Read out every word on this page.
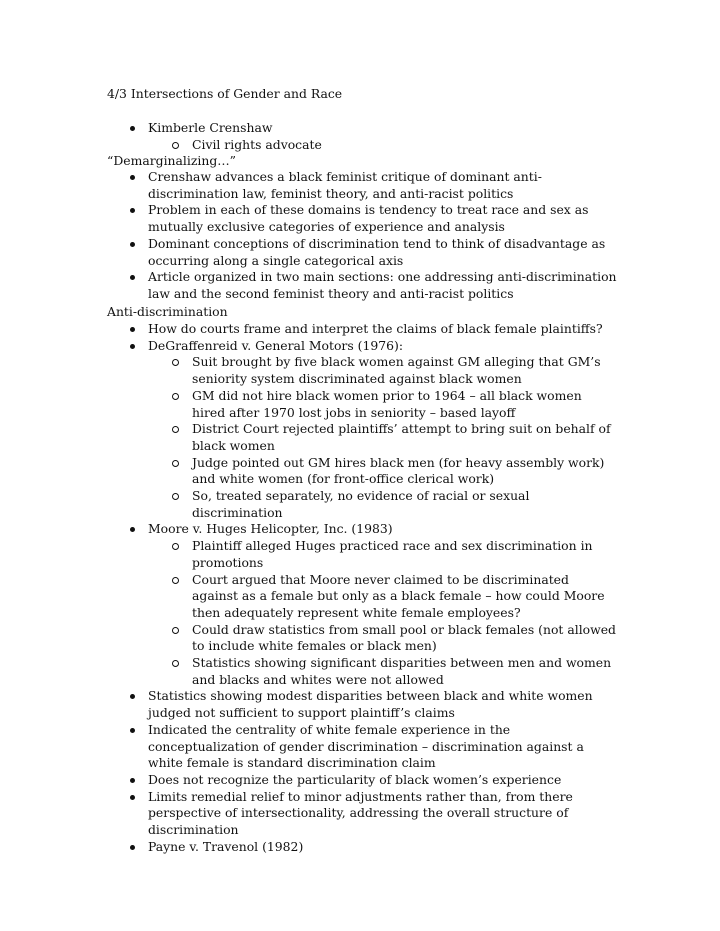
4/3 Intersections of Gender and Race
Kimberle Crenshaw
Civil rights advocate
“Demarginalizing…”
Crenshaw advances a black feminist critique of dominant anti-discrimination law, feminist theory, and anti-racist politics
Problem in each of these domains is tendency to treat race and sex as mutually exclusive categories of experience and analysis
Dominant conceptions of discrimination tend to think of disadvantage as occurring along a single categorical axis
Article organized in two main sections: one addressing anti-discrimination law and the second feminist theory and anti-racist politics
Anti-discrimination
How do courts frame and interpret the claims of black female plaintiffs?
DeGraffenreid v. General Motors (1976):
Suit brought by five black women against GM alleging that GM’s seniority system discriminated against black women
GM did not hire black women prior to 1964 – all black women hired after 1970 lost jobs in seniority – based layoff
District Court rejected plaintiffs’ attempt to bring suit on behalf of black women
Judge pointed out GM hires black men (for heavy assembly work) and white women (for front-office clerical work)
So, treated separately, no evidence of racial or sexual discrimination
Moore v. Huges Helicopter, Inc. (1983)
Plaintiff alleged Huges practiced race and sex discrimination in promotions
Court argued that Moore never claimed to be discriminated against as a female but only as a black female – how could Moore then adequately represent white female employees?
Could draw statistics from small pool or black females (not allowed to include white females or black men)
Statistics showing significant disparities between men and women and blacks and whites were not allowed
Statistics showing modest disparities between black and white women judged not sufficient to support plaintiff’s claims
Indicated the centrality of white female experience in the conceptualization of gender discrimination – discrimination against a white female is standard discrimination claim
Does not recognize the particularity of black women’s experience
Limits remedial relief to minor adjustments rather than, from there perspective of intersectionality, addressing the overall structure of discrimination
Payne v. Travenol (1982)
